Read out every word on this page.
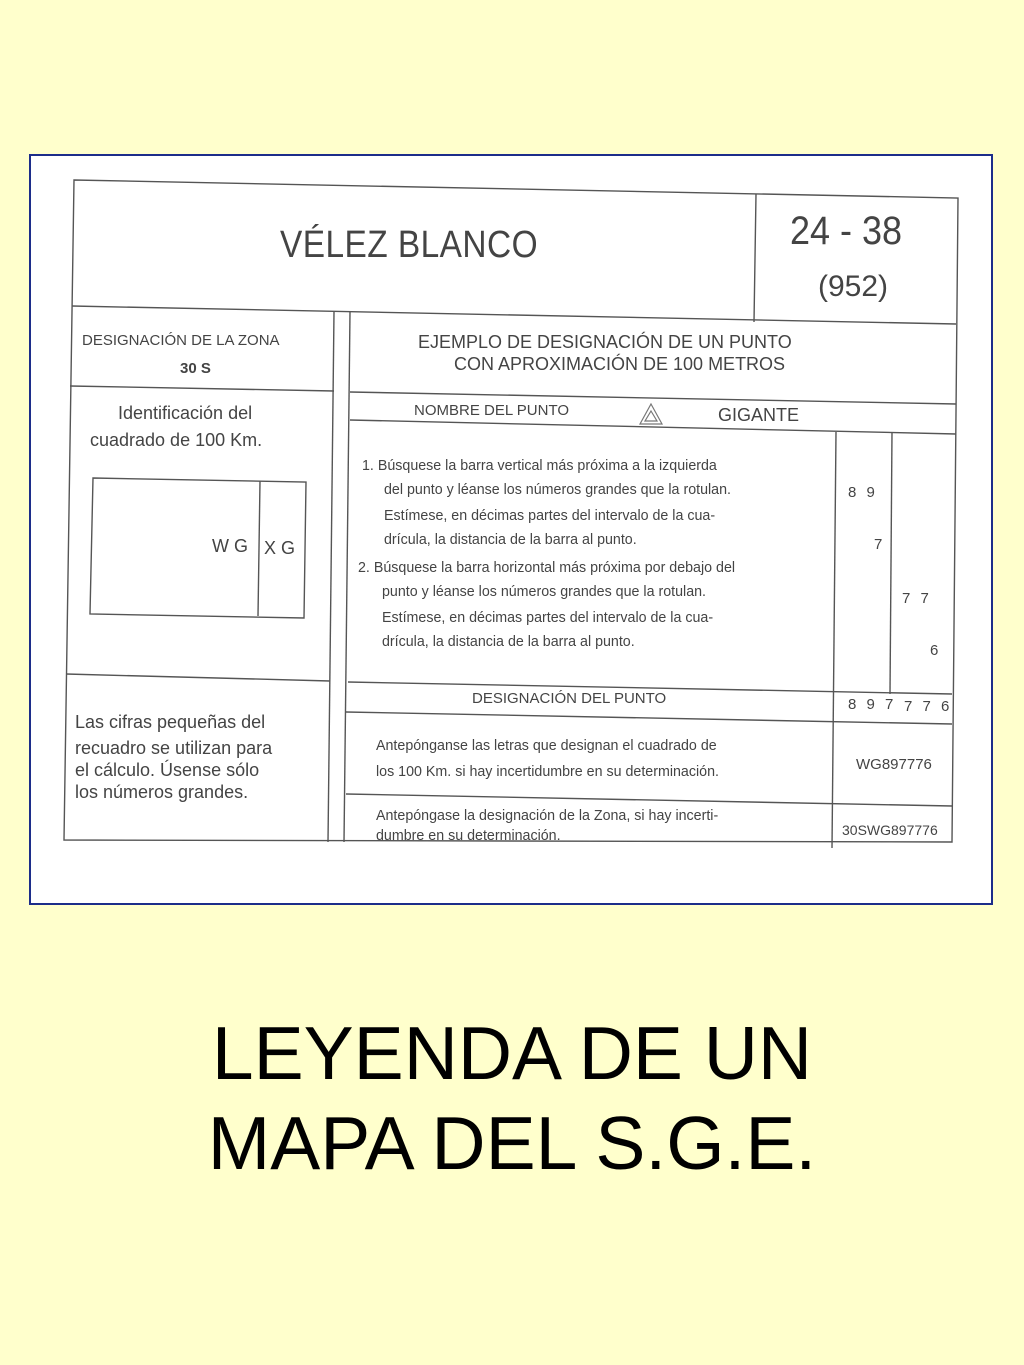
VÉLEZ BLANCO	24 - 38
(952)
DESIGNACIÓN DE LA ZONA
30 S
Identificación del
cuadrado de 100 Km.
W G X G
Las cifras pequeñas del
recuadro se utilizan para
el cálculo. Úsense sólo
los números grandes.
EJEMPLO DE DESIGNACIÓN DE UN PUNTO
CON APROXIMACIÓN DE 100 METROS
NOMBRE DEL PUNTO	GIGANTE
1. Búsquese la barra vertical más próxima a la izquierda
del punto y léanse los números grandes que la rotulan.
Estímese, en décimas partes del intervalo de la cua-
drícula, la distancia de la barra al punto.
2. Búsquese la barra horizontal más próxima por debajo del
punto y léanse los números grandes que la rotulan.
Estímese, en décimas partes del intervalo de la cua-
drícula, la distancia de la barra al punto.
8 9
7
7 7
6
DESIGNACIÓN DEL PUNTO	8 9 7 7 7 6
Antepónganse las letras que designan el cuadrado de
los 100 Km. si hay incertidumbre en su determinación.	WG897776
Antepóngase la designación de la Zona, si hay incerti-
dumbre en su determinación.	30SWG897776
LEYENDA DE UN
MAPA DEL S.G.E.
